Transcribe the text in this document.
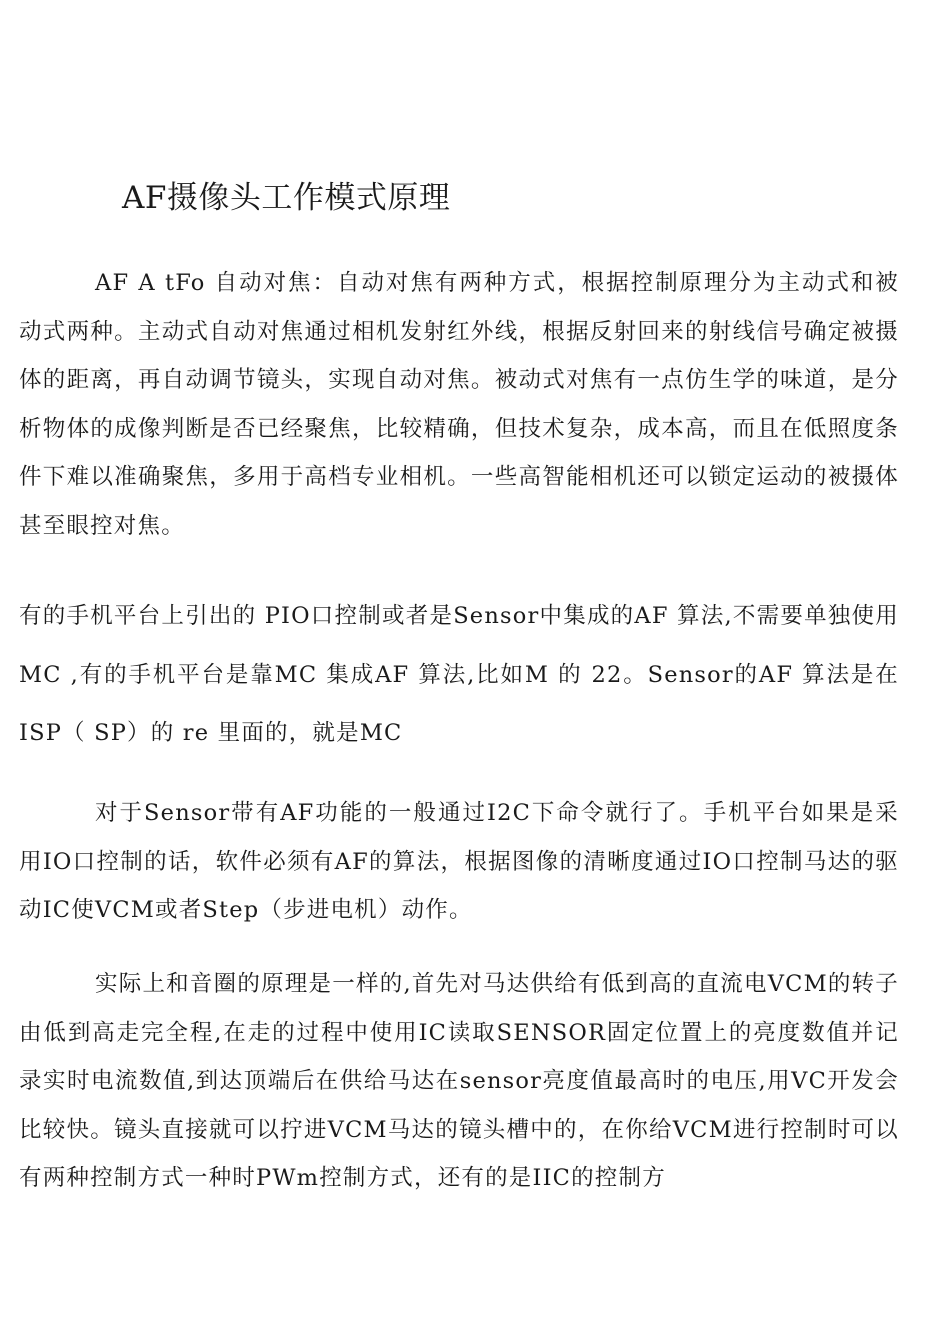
AF摄像头工作模式原理

AF A tFo 自动对焦：自动对焦有两种方式，根据控制原理分为主动式和被动式两种。主动式自动对焦通过相机发射红外线，根据反射回来的射线信号确定被摄体的距离，再自动调节镜头，实现自动对焦。被动式对焦有一点仿生学的味道，是分析物体的成像判断是否已经聚焦，比较精确，但技术复杂，成本高，而且在低照度条件下难以准确聚焦，多用于高档专业相机。一些高智能相机还可以锁定运动的被摄体甚至眼控对焦。

有的手机平台上引出的 PIO口控制或者是Sensor中集成的AF 算法,不需要单独使用MC ,有的手机平台是靠MC 集成AF 算法,比如M 的 22。Sensor的AF 算法是在ISP（ SP）的 re 里面的，就是MC

对于Sensor带有AF功能的一般通过I2C下命令就行了。手机平台如果是采用IO口控制的话，软件必须有AF的算法，根据图像的清晰度通过IO口控制马达的驱动IC使VCM或者Step（步进电机）动作。

实际上和音圈的原理是一样的,首先对马达供给有低到高的直流电VCM的转子由低到高走完全程,在走的过程中使用IC读取SENSOR固定位置上的亮度数值并记录实时电流数值,到达顶端后在供给马达在sensor亮度值最高时的电压,用VC开发会比较快。镜头直接就可以拧进VCM马达的镜头槽中的，在你给VCM进行控制时可以有两种控制方式一种时PWm控制方式，还有的是IIC的控制方
